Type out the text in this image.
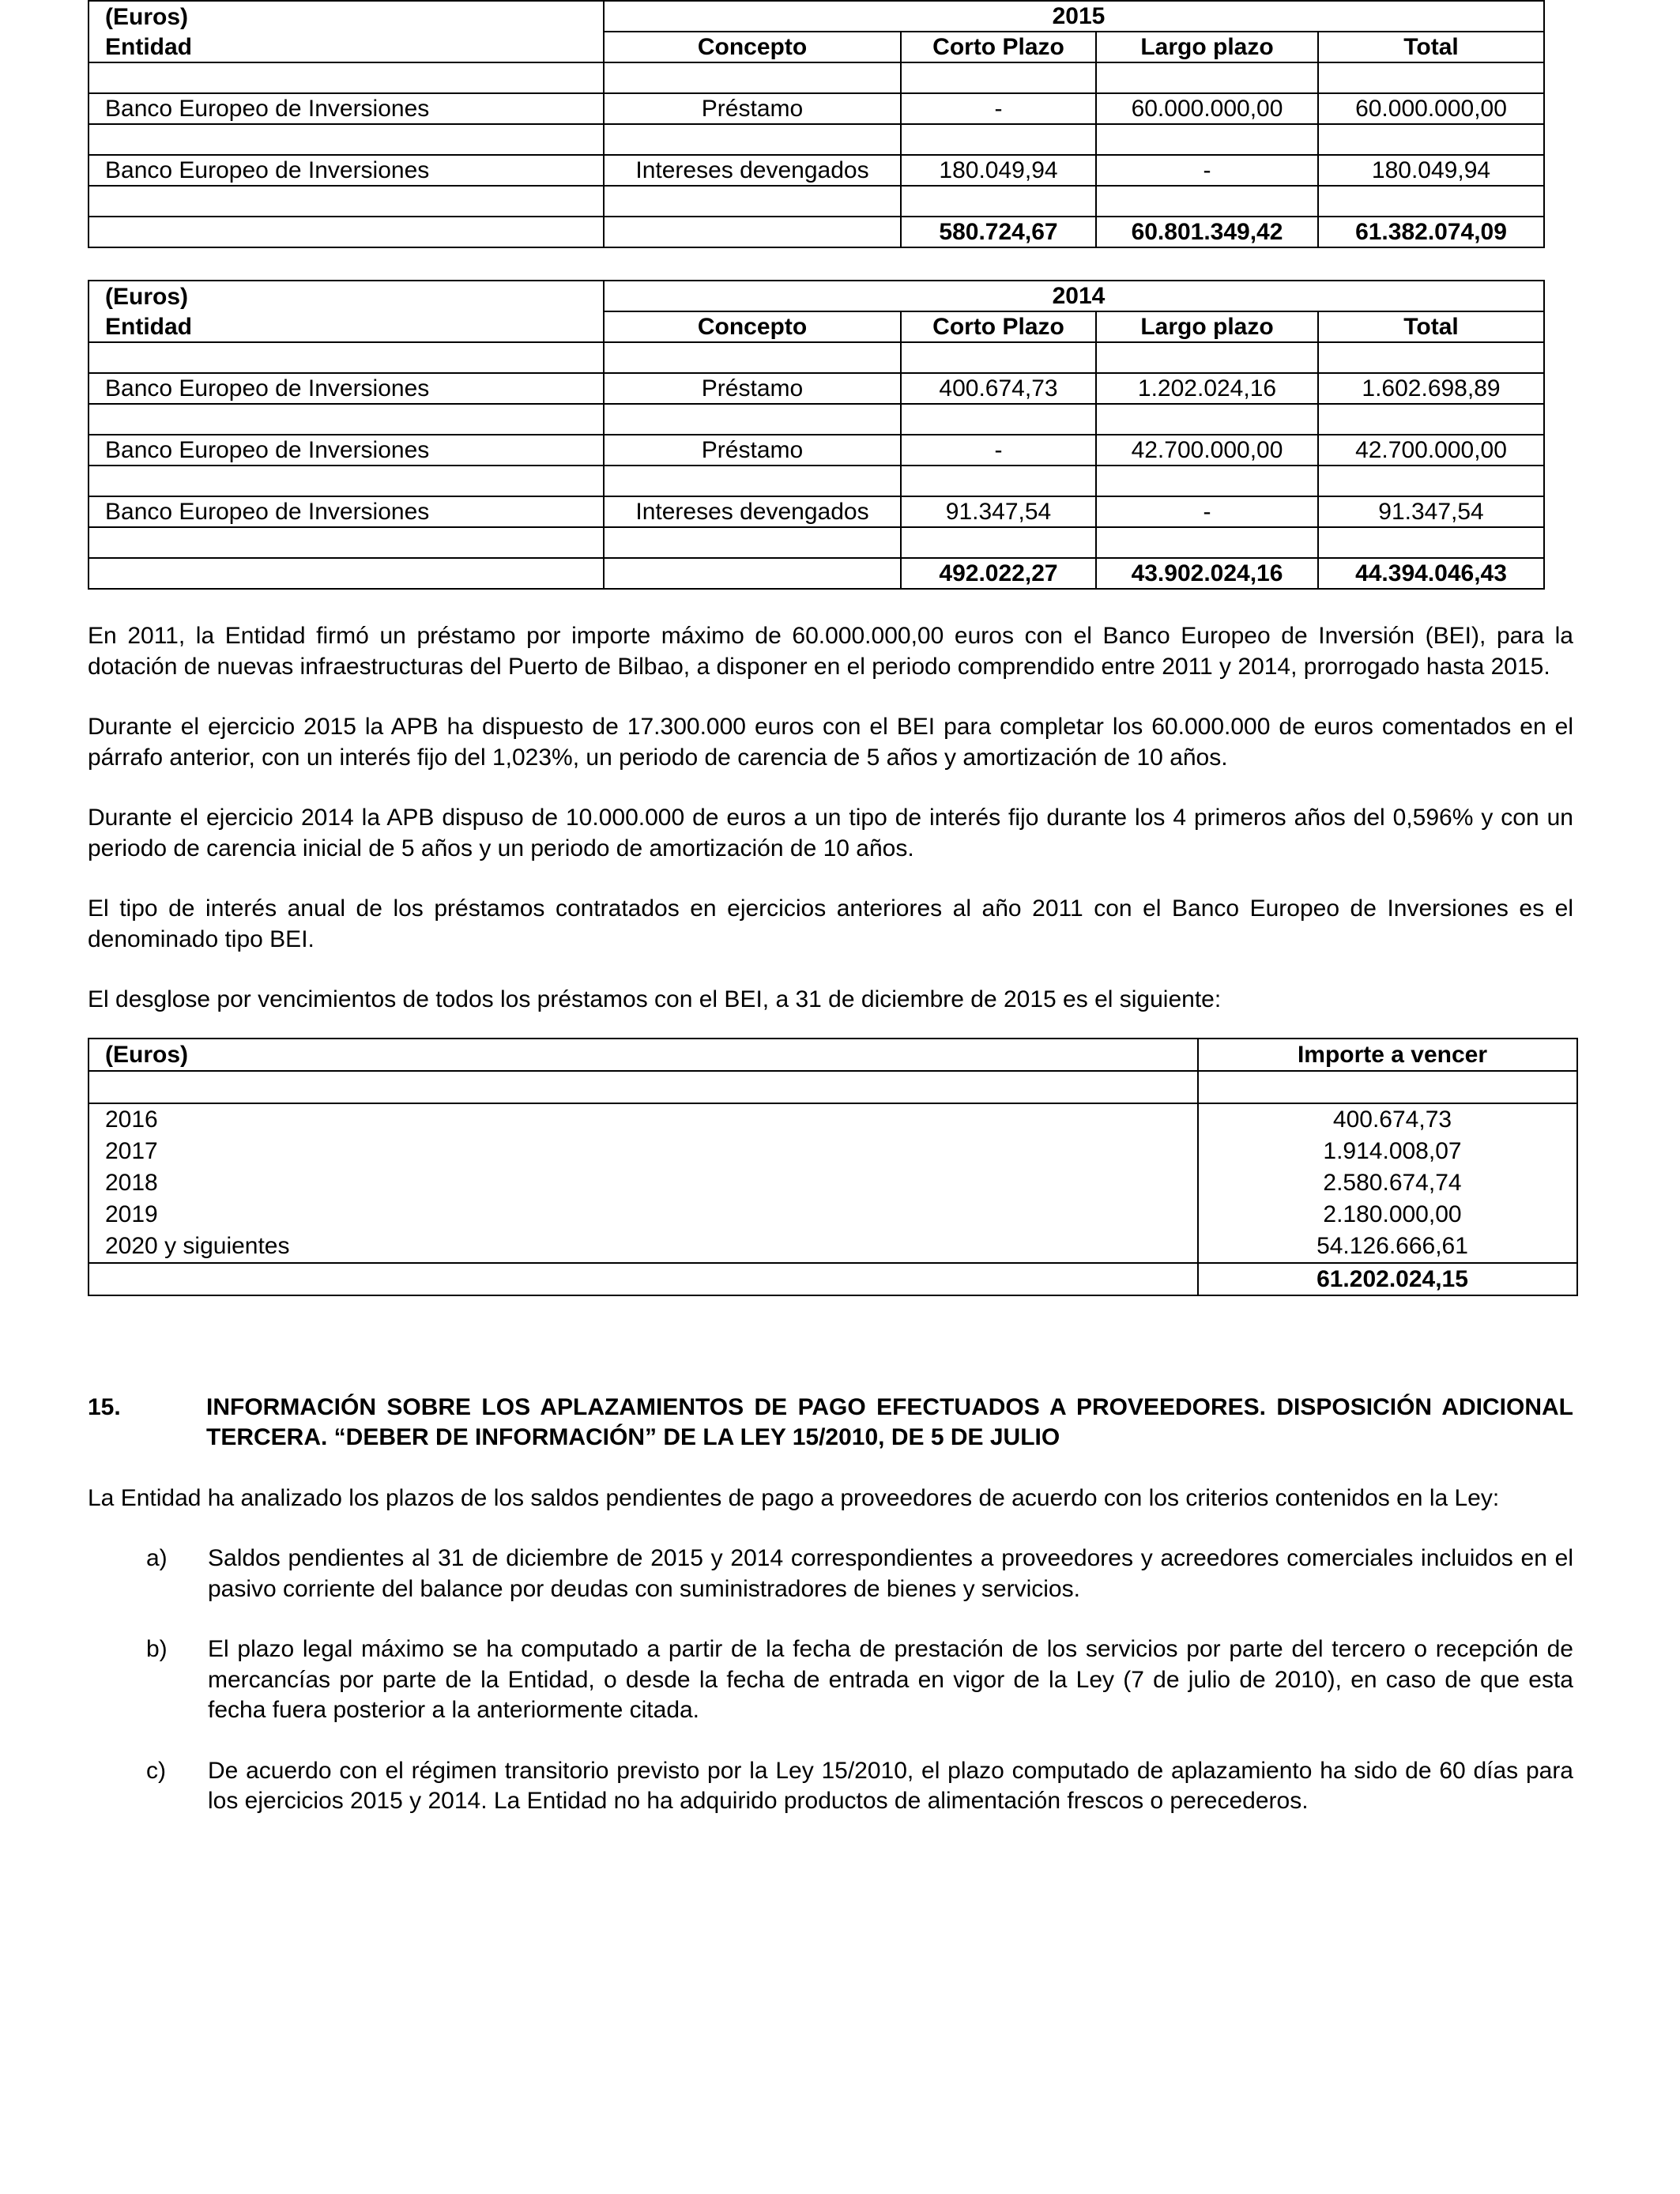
(Euros)	2015			
Entidad	Concepto	Corto Plazo	Largo plazo	Total

Banco Europeo de Inversiones	Préstamo	-	60.000.000,00	60.000.000,00

Banco Europeo de Inversiones	Intereses devengados	180.049,94	-	180.049,94

		580.724,67	60.801.349,42	61.382.074,09
(Euros)	2014			
Entidad	Concepto	Corto Plazo	Largo plazo	Total

Banco Europeo de Inversiones	Préstamo	400.674,73	1.202.024,16	1.602.698,89

Banco Europeo de Inversiones	Préstamo	-	42.700.000,00	42.700.000,00

Banco Europeo de Inversiones	Intereses devengados	91.347,54	-	91.347,54

		492.022,27	43.902.024,16	44.394.046,43

En 2011, la Entidad firmó un préstamo por importe máximo de 60.000.000,00 euros con el Banco Europeo de Inversión (BEI), para la dotación de nuevas infraestructuras del Puerto de Bilbao, a disponer en el periodo comprendido entre 2011 y 2014, prorrogado hasta 2015.

Durante el ejercicio 2015 la APB ha dispuesto de 17.300.000 euros con el BEI para completar los 60.000.000 de euros comentados en el párrafo anterior, con un interés fijo del 1,023%, un periodo de carencia de 5 años y amortización de 10 años.

Durante el ejercicio 2014 la APB dispuso de 10.000.000 de euros a un tipo de interés fijo durante los 4 primeros años del 0,596% y con un periodo de carencia inicial de 5 años y un periodo de amortización de 10 años.

El tipo de interés anual de los préstamos contratados en ejercicios anteriores al año 2011 con el Banco Europeo de Inversiones es el denominado tipo BEI.

El desglose por vencimientos de todos los préstamos con el BEI, a 31 de diciembre de 2015 es el siguiente:

(Euros)	Importe a vencer

2016	400.674,73
2017	1.914.008,07
2018	2.580.674,74
2019	2.180.000,00
2020 y siguientes	54.126.666,61
	61.202.024,15
15.	INFORMACIÓN SOBRE LOS APLAZAMIENTOS DE PAGO EFECTUADOS A PROVEEDORES. DISPOSICIÓN ADICIONAL TERCERA. “DEBER DE INFORMACIÓN” DE LA LEY 15/2010, DE 5 DE JULIO

La Entidad ha analizado los plazos de los saldos pendientes de pago a proveedores de acuerdo con los criterios contenidos en la Ley:

a)	Saldos pendientes al 31 de diciembre de 2015 y 2014 correspondientes a proveedores y acreedores comerciales incluidos en el pasivo corriente del balance por deudas con suministradores de bienes y servicios.
b)	El plazo legal máximo se ha computado a partir de la fecha de prestación de los servicios por parte del tercero o recepción de mercancías por parte de la Entidad, o desde la fecha de entrada en vigor de la Ley (7 de julio de 2010), en caso de que esta fecha fuera posterior a la anteriormente citada.
c)	De acuerdo con el régimen transitorio previsto por la Ley 15/2010, el plazo computado de aplazamiento ha sido de 60 días para los ejercicios 2015 y 2014. La Entidad no ha adquirido productos de alimentación frescos o perecederos.
